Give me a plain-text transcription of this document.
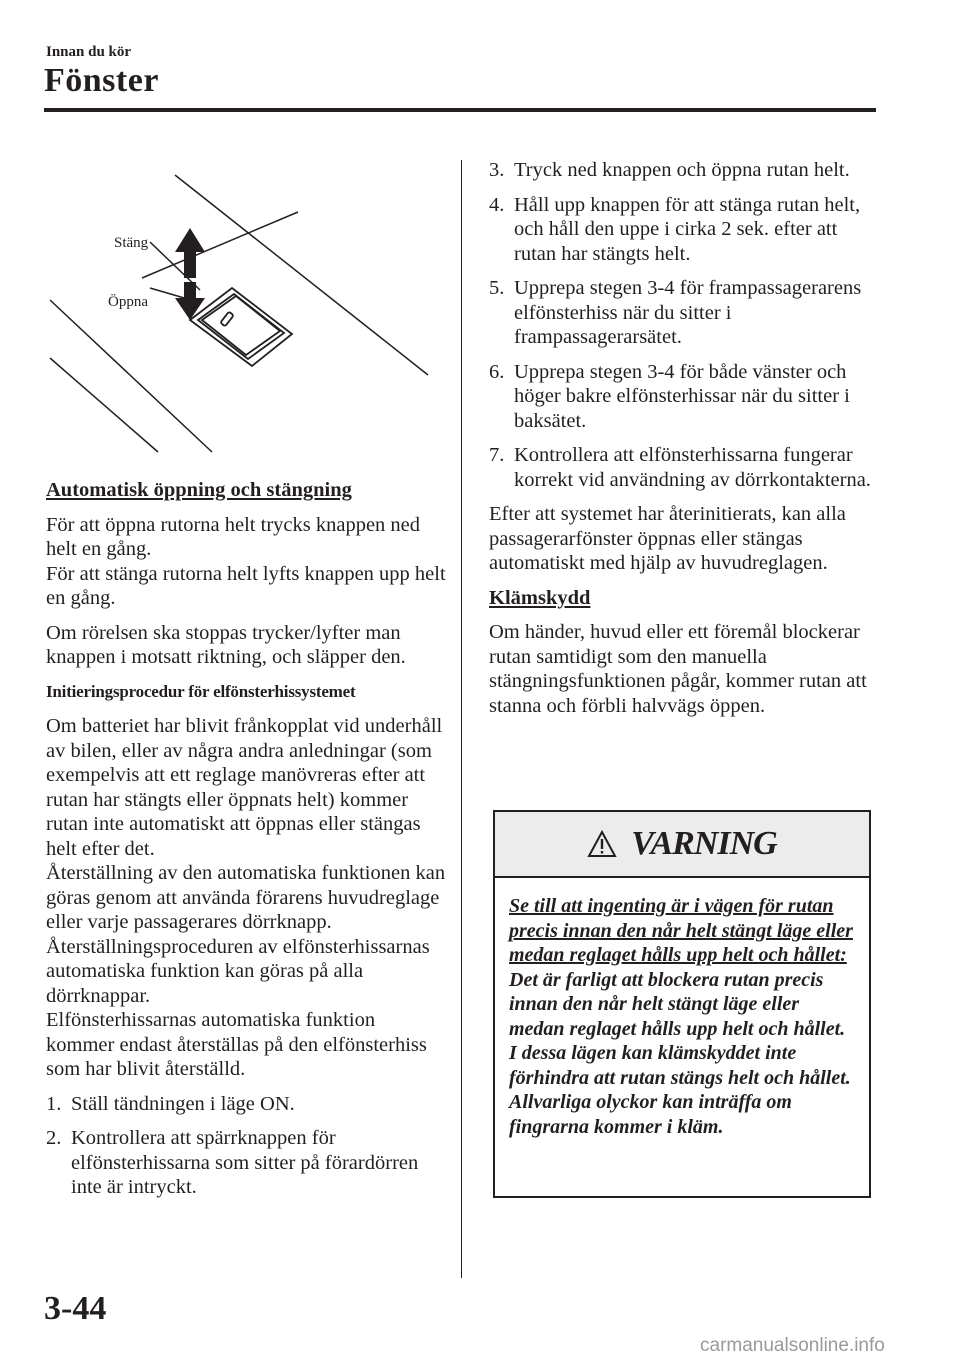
Innan du kör
Fönster
Stäng
Öppna

Automatisk öppning och stängning

För att öppna rutorna helt trycks knappen ned helt en gång.

För att stänga rutorna helt lyfts knappen upp helt en gång.

Om rörelsen ska stoppas trycker/lyfter man knappen i motsatt riktning, och släpper den.

Initieringsprocedur för elfönsterhissystemet

Om batteriet har blivit frånkopplat vid underhåll av bilen, eller av några andra anledningar (som exempelvis att ett reglage manövreras efter att rutan har stängts eller öppnats helt) kommer rutan inte automatiskt att öppnas eller stängas helt efter det.

Återställning av den automatiska funktionen kan göras genom att använda förarens huvudreglage eller varje passagerares dörrknapp.

Återställningsproceduren av elfönsterhissarnas automatiska funktion kan göras på alla dörrknappar.

Elfönsterhissarnas automatiska funktion kommer endast återställas på den elfönsterhiss som har blivit återställd.

1. Ställ tändningen i läge ON.
2. Kontrollera att spärrknappen för elfönsterhissarna som sitter på förardörren inte är intryckt.
3. Tryck ned knappen och öppna rutan helt.
4. Håll upp knappen för att stänga rutan helt, och håll den uppe i cirka 2 sek. efter att rutan har stängts helt.
5. Upprepa stegen 3-4 för frampassagerarens elfönsterhiss när du sitter i frampassagerarsätet.
6. Upprepa stegen 3-4 för både vänster och höger bakre elfönsterhissar när du sitter i baksätet.
7. Kontrollera att elfönsterhissarna fungerar korrekt vid användning av dörrkontakterna.

Efter att systemet har återinitierats, kan alla passagerarfönster öppnas eller stängas automatiskt med hjälp av huvudreglagen.

Klämskydd

Om händer, huvud eller ett föremål blockerar rutan samtidigt som den manuella stängningsfunktionen pågår, kommer rutan att stanna och förbli halvvägs öppen.

VARNING
Se till att ingenting är i vägen för rutan precis innan den når helt stängt läge eller medan reglaget hålls upp helt och hållet:
Det är farligt att blockera rutan precis innan den når helt stängt läge eller medan reglaget hålls upp helt och hållet.
I dessa lägen kan klämskyddet inte förhindra att rutan stängs helt och hållet. Allvarliga olyckor kan inträffa om fingrarna kommer i kläm.
3-44
carmanualsonline.info
